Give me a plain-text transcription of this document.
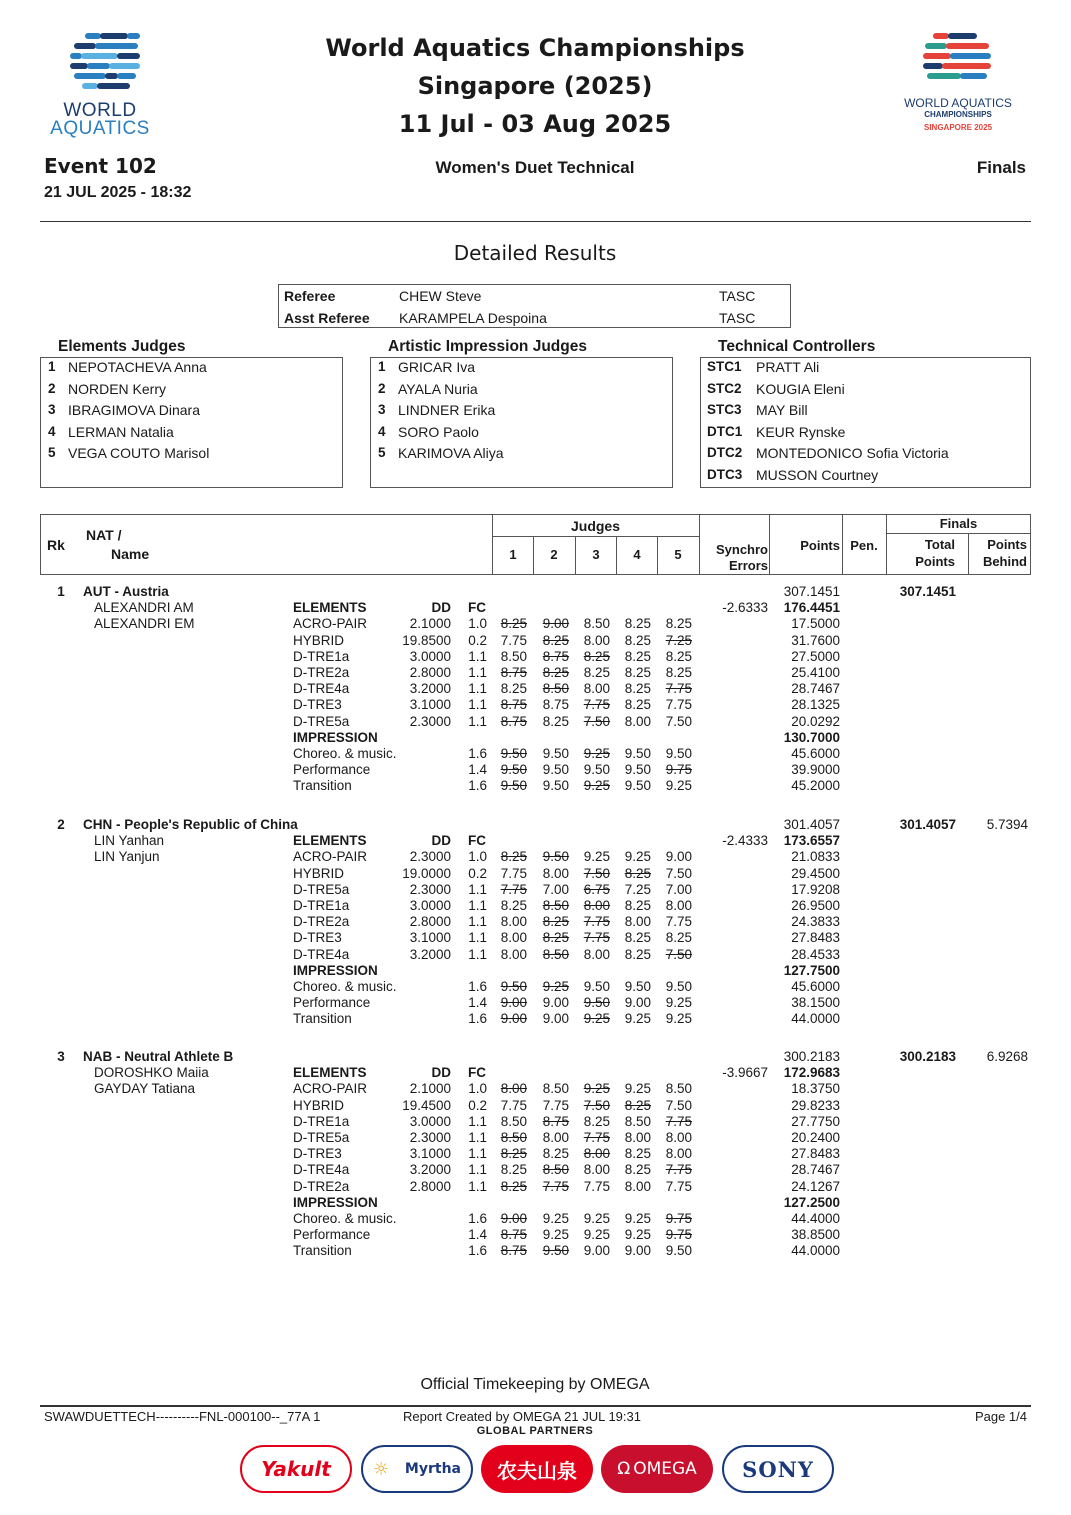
WORLD
AQUATICS
World Aquatics Championships
Singapore (2025)
11 Jul - 03 Aug 2025
WORLD AQUATICS
CHAMPIONSHIPS
SINGAPORE 2025
Event 102
21 JUL 2025 - 18:32
Women's Duet Technical	Finals
Detailed Results
Referee	CHEW Steve	TASC
Asst Referee KARAMPELA Despoina	TASC
Elements Judges
1 NEPOTACHEVA Anna
2 NORDEN Kerry
3 IBRAGIMOVA Dinara
4 LERMAN Natalia
5 VEGA COUTO Marisol
Artistic Impression Judges
1 GRICAR Iva
2 AYALA Nuria
3 LINDNER Erika
4 SORO Paolo
5 KARIMOVA Aliya
Technical Controllers
STC1 PRATT Ali
STC2 KOUGIA Eleni
STC3 MAY Bill
DTC1 KEUR Rynske
DTC2 MONTEDONICO Sofia Victoria
DTC3 MUSSON Courtney
Rk
NAT /
Name
Judges
1	2	3	4	5	Synchro
Errors
Points Pen.
Finals
Total
Points
Points
Behind
1	AUT - Austria	307.1451	307.1451
ALEXANDRI AM
ALEXANDRI EM
ELEMENTS	DD FC	-2.6333	176.4451
ACRO-PAIR	2.1000	1.0	8.25	9.00	8.50	8.25	8.25	17.5000
HYBRID	19.8500	0.2	7.75	8.25	8.00	8.25	7.25	31.7600
D-TRE1a	3.0000	1.1	8.50	8.75	8.25	8.25	8.25	27.5000
D-TRE2a	2.8000	1.1	8.75	8.25	8.25	8.25	8.25	25.4100
D-TRE4a	3.2000	1.1	8.25	8.50	8.00	8.25	7.75	28.7467
D-TRE3	3.1000	1.1	8.75	8.75	7.75	8.25	7.75	28.1325
D-TRE5a	2.3000	1.1	8.75	8.25	7.50	8.00	7.50	20.0292
IMPRESSION	130.7000
Choreo. & music.	1.6	9.50	9.50	9.25	9.50	9.50	45.6000
Performance	1.4	9.50	9.50	9.50	9.50	9.75	39.9000
Transition	1.6	9.50	9.50	9.25	9.50	9.25	45.2000
2	CHN - People's Republic of China	301.4057	301.4057	5.7394
LIN Yanhan
LIN Yanjun
ELEMENTS	DD FC	-2.4333	173.6557
ACRO-PAIR	2.3000	1.0	8.25	9.50	9.25	9.25	9.00	21.0833
HYBRID	19.0000	0.2	7.75	8.00	7.50	8.25	7.50	29.4500
D-TRE5a	2.3000	1.1	7.75	7.00	6.75	7.25	7.00	17.9208
D-TRE1a	3.0000	1.1	8.25	8.50	8.00	8.25	8.00	26.9500
D-TRE2a	2.8000	1.1	8.00	8.25	7.75	8.00	7.75	24.3833
D-TRE3	3.1000	1.1	8.00	8.25	7.75	8.25	8.25	27.8483
D-TRE4a	3.2000	1.1	8.00	8.50	8.00	8.25	7.50	28.4533
IMPRESSION	127.7500
Choreo. & music.	1.6	9.50	9.25	9.50	9.50	9.50	45.6000
Performance	1.4	9.00	9.00	9.50	9.00	9.25	38.1500
Transition	1.6	9.00	9.00	9.25	9.25	9.25	44.0000
3	NAB - Neutral Athlete B	300.2183	300.2183	6.9268
DOROSHKO Maiia
GAYDAY Tatiana
ELEMENTS	DD FC	-3.9667	172.9683
ACRO-PAIR	2.1000	1.0	8.00	8.50	9.25	9.25	8.50	18.3750
HYBRID	19.4500	0.2	7.75	7.75	7.50	8.25	7.50	29.8233
D-TRE1a	3.0000	1.1	8.50	8.75	8.25	8.50	7.75	27.7750
D-TRE5a	2.3000	1.1	8.50	8.00	7.75	8.00	8.00	20.2400
D-TRE3	3.1000	1.1	8.25	8.25	8.00	8.25	8.00	27.8483
D-TRE4a	3.2000	1.1	8.25	8.50	8.00	8.25	7.75	28.7467
D-TRE2a	2.8000	1.1	8.25	7.75	7.75	8.00	7.75	24.1267
IMPRESSION	127.2500
Choreo. & music.	1.6	9.00	9.25	9.25	9.25	9.75	44.4000
Performance	1.4	8.75	9.25	9.25	9.25	9.75	38.8500
Transition	1.6	8.75	9.50	9.00	9.00	9.50	44.0000
Official Timekeeping by OMEGA
SWAWDUETTECH----------FNL-000100--_77A 1	Report Created by OMEGA 21 JUL 19:31	Page 1/4
GLOBAL PARTNERS
Yakult ☼ Myrtha 农夫山泉 Ω OMEGA SONY
